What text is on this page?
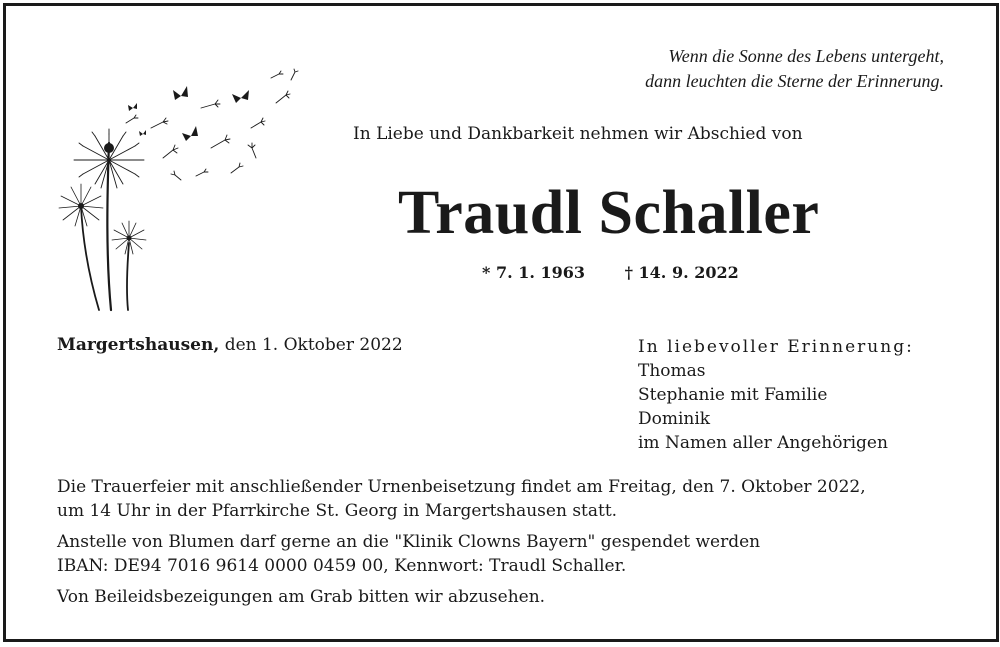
Wenn die Sonne des Lebens untergeht,
dann leuchten die Sterne der Erinnerung.
In Liebe und Dankbarkeit nehmen wir Abschied von
Traudl Schaller
* 7. 1. 1963 † 14. 9. 2022
Margertshausen, den 1. Oktober 2022	In liebevoller Erinnerung:
Thomas
Stephanie mit Familie
Dominik
im Namen aller Angehörigen
Die Trauerfeier mit anschließender Urnenbeisetzung findet am Freitag, den 7. Oktober 2022,
um 14 Uhr in der Pfarrkirche St. Georg in Margertshausen statt.
Anstelle von Blumen darf gerne an die "Klinik Clowns Bayern" gespendet werden
IBAN: DE94 7016 9614 0000 0459 00, Kennwort: Traudl Schaller.
Von Beileidsbezeigungen am Grab bitten wir abzusehen.
